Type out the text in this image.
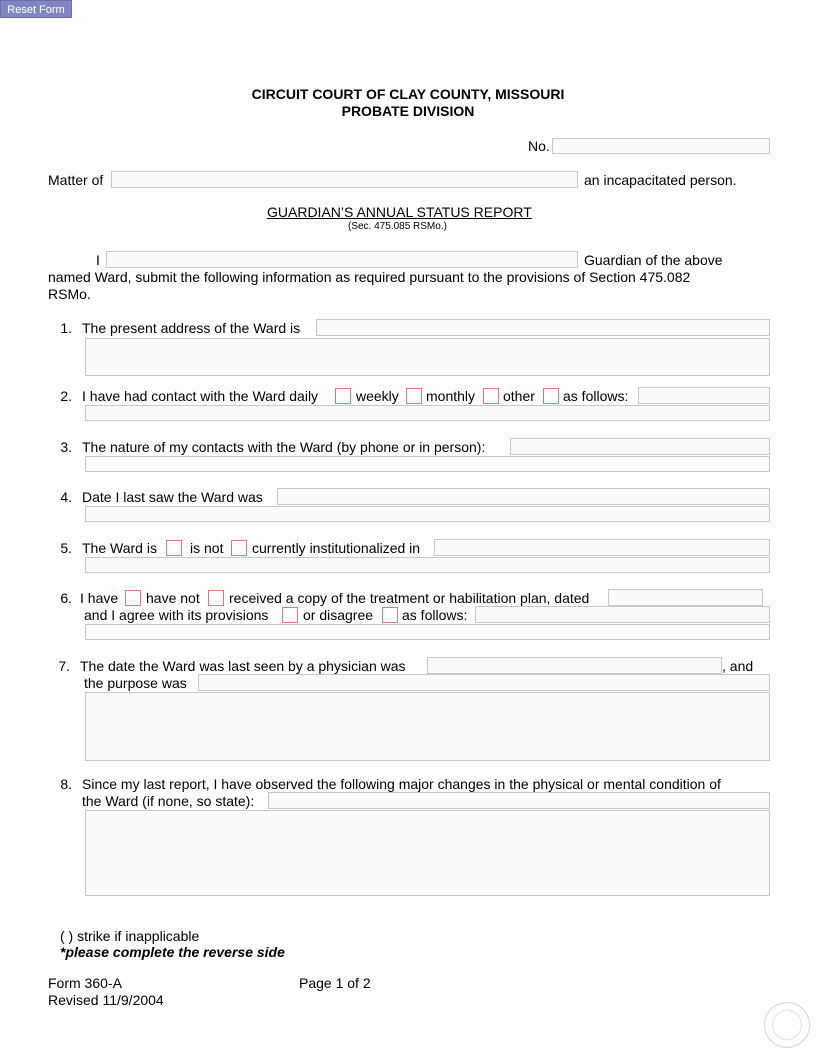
Reset Form
CIRCUIT COURT OF CLAY COUNTY, MISSOURI
PROBATE DIVISION
No.
Matter of	an incapacitated person.
GUARDIAN’S ANNUAL STATUS REPORT
(Sec. 475.085 RSMo.)
I	Guardian of the above
named Ward, submit the following information as required pursuant to the provisions of Section 475.082
RSMo.
1. The present address of the Ward is
2. I have had contact with the Ward daily	weekly monthly other as follows:
3. The nature of my contacts with the Ward (by phone or in person):
4. Date I last saw the Ward was
5. The Ward is is not currently institutionalized in
6. I have have not received a copy of the treatment or habilitation plan, dated
and I agree with its provisions or disagree as follows:
7. The date the Ward was last seen by a physician was	, and
the purpose was
8. Since my last report, I have observed the following major changes in the physical or mental condition of
the Ward (if none, so state):
( ) strike if inapplicable
*please complete the reverse side
Form 360-A
Revised 11/9/2004
Page 1 of 2
